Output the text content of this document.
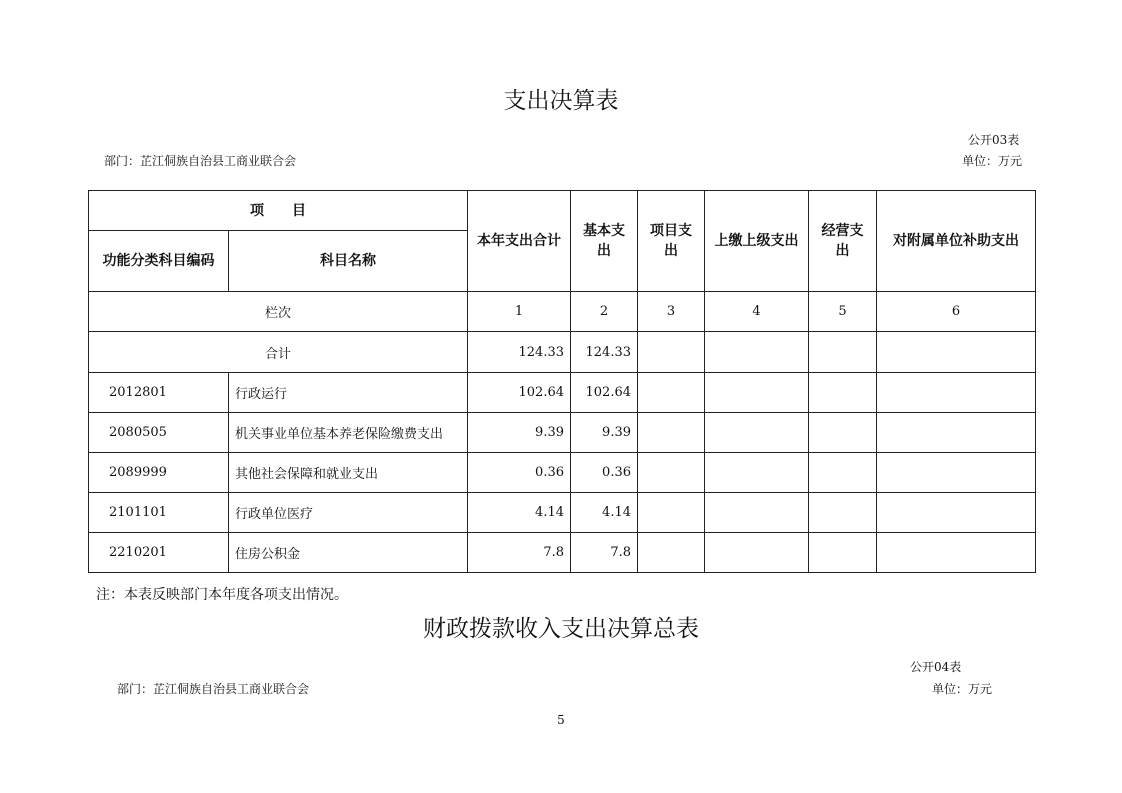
支出决算表
公开03表
部门：芷江侗族自治县工商业联合会	单位：万元
项　　目		本年支出合计	基本支出	项目支出	上缴上级支出	经营支出	对附属单位补助支出
功能分类科目编码	科目名称						
栏次		1	2	3	4	5	6
合计		124.33	124.33				
2012801	行政运行	102.64	102.64				
2080505	机关事业单位基本养老保险缴费支出	9.39	9.39				
2089999	其他社会保障和就业支出	0.36	0.36				
2101101	行政单位医疗	4.14	4.14				
2210201	住房公积金	7.8	7.8				
注：本表反映部门本年度各项支出情况。
财政拨款收入支出决算总表
公开04表
部门：芷江侗族自治县工商业联合会	单位：万元
5
